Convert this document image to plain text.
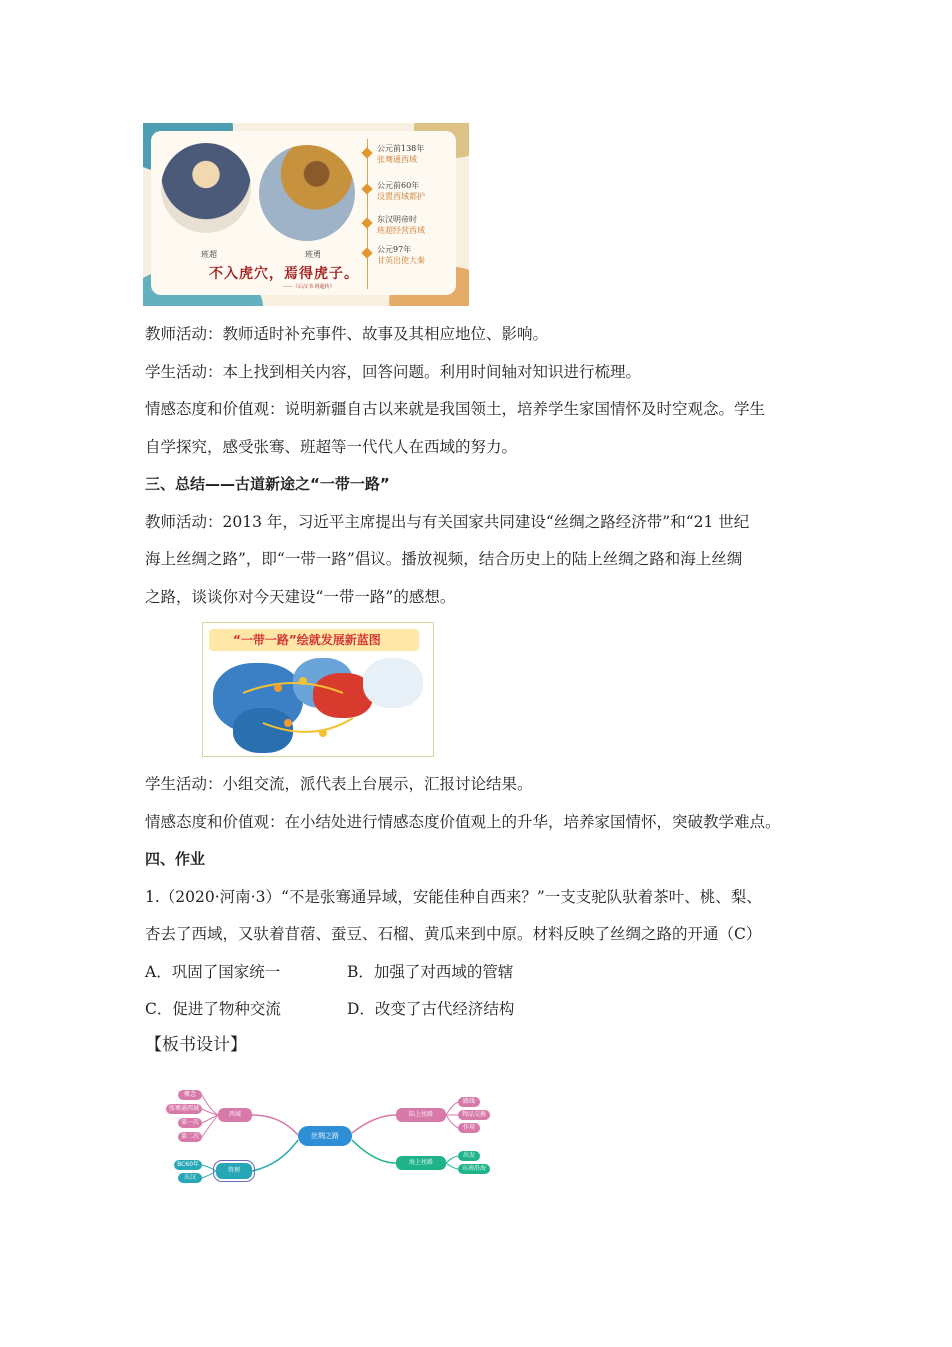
班超	班勇
不入虎穴，焉得虎子。
——《后汉书·班超传》
公元前138年
张骞通西域
公元前60年
设置西域都护
东汉明帝时
班超经营西域
公元97年
甘英出使大秦
教师活动：教师适时补充事件、故事及其相应地位、影响。
学生活动：本上找到相关内容，回答问题。利用时间轴对知识进行梳理。
情感态度和价值观：说明新疆自古以来就是我国领土，培养学生家国情怀及时空观念。学生
自学探究，感受张骞、班超等一代代人在西域的努力。
三、总结——古道新途之“一带一路”
教师活动：2013 年，习近平主席提出与有关国家共同建设“丝绸之路经济带”和“21 世纪
海上丝绸之路”，即“一带一路”倡议。播放视频，结合历史上的陆上丝绸之路和海上丝绸
之路，谈谈你对今天建设“一带一路”的感想。
“一带一路”绘就发展新蓝图
学生活动：小组交流，派代表上台展示，汇报讨论结果。
情感态度和价值观：在小结处进行情感态度价值观上的升华，培养家国情怀，突破教学难点。
四、作业
1.（2020·河南·3）“不是张骞通异域，安能佳种自西来？”一支支驼队驮着茶叶、桃、梨、
杏去了西域，又驮着苜蓿、蚕豆、石榴、黄瓜来到中原。材料反映了丝绸之路的开通（C）
A．巩固了国家统一	B．加强了对西域的管辖
C．促进了物种交流	D．改变了古代经济结构
【板书设计】
概念
张骞通西域
第一次
第二次
西域
BC60年
东汉
管理
丝绸之路
陆上丝路
路线
物品交换
作用
海上丝路
出发
东南沿海
